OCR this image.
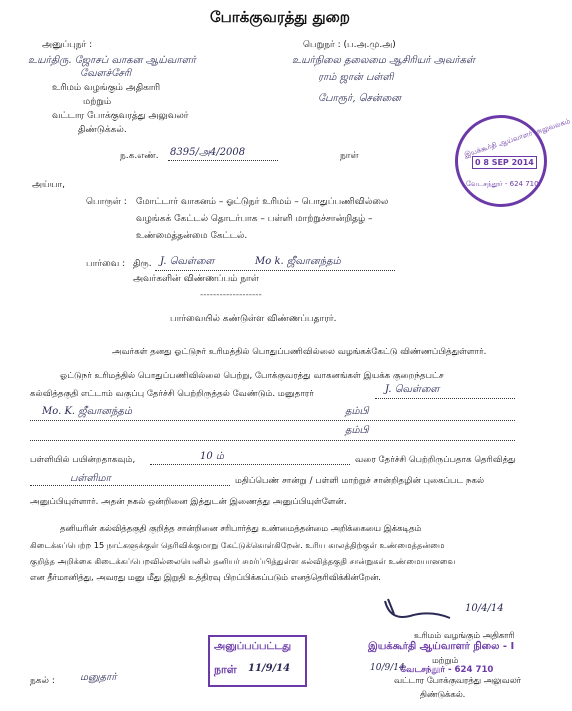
போக்குவரத்து துறை
அனுப்புநர் :
உயர்திரு. ஜோசப் வாகன ஆய்வாளர்
வேளச்சேரி
உரிமம் வழங்கும் அதிகாரி
மற்றும்
வட்டார போக்குவரத்து அலுவலர்
திண்டுக்கல்.
பெறுநர் : (ப.அ.மு.அ)
உயர்நிலை தலைமை ஆசிரியர் அவர்கள்
ராம் ஜான் பள்ளி
போரூர், சென்னை
இயக்கூர்தி ஆய்வாளர் அலுவலகம்
0 8 SEP 2014
வேடசந்தூர் - 624 710.
ந.க.எண். 8395/அ4/2008	நாள்
அய்யா,
பொருள் : மோட்டார் வாகனம் – ஓட்டுநர் உரிமம் – பொதுப்பணிவில்லை
வழங்கக் கேட்டல் தொடர்பாக – பள்ளி மாற்றுச்சான்றிதழ் –
உண்மைத்தன்மை கேட்டல்.
பார்வை : திரு. J. வெள்ளை	Mo k. ஜீவானந்தம்
அவர்களின் விண்ணப்பம் நாள்
-------------------
பார்வையில் கண்டுள்ள விண்ணப்பதாரர்.
அவர்கள் தனது ஓட்டுநர் உரிமத்தில் பொதுப்பணிவில்லை வழங்கக்கேட்டு விண்ணப்பித்துள்ளார்.
ஓட்டுநர் உரிமத்தில் பொதுப்பணிவில்லை பெற்று, போக்குவரத்து வாகனங்கள் இயக்க குறைந்தபட்ச
கல்வித்தகுதி எட்டாம் வகுப்பு தேர்ச்சி பெற்றிருத்தல் வேண்டும். மனுதாரர்	J. வெள்ளை
Mo. K. ஜீவானந்தம்	தம்பி
தம்பி
பள்ளியில் பயின்றதாகவும்,	10 ம்	வரை தேர்ச்சி பெற்றிருப்பதாக தெரிவித்து
பள்ளிமா	மதிப்பெண் சான்று / பள்ளி மாற்றுச் சான்றிதழின் புகைப்பட நகல்
அனுப்பியுள்ளார். அதன் நகல் ஒன்றினை இத்துடன் இணைத்து அனுப்பியுள்ளேன்.
தனியரின் கல்வித்தகுதி குறித்த சான்றினை சரிபார்த்து உண்மைத்தன்மை அறிக்கையை இக்கடிதம்
கிடைக்கப்பெற்ற 15 நாட்களுக்குள் தெரிவிக்குமாறு கேட்டுக்கொள்கிறேன். உரிய காலத்திற்குள் உண்மைத்தன்மை
குறித்த அறிக்கை கிடைக்கப்பெறவில்லையெனில் தனியர் சமர்ப்பித்துள்ள கல்வித்தகுதி சான்றுகள் உண்மையானவை
என தீர்மானித்து, அவரது மனு மீது இறுதி உத்திரவு பிறப்பிக்கப்படும் எனத்தெரிவிக்கின்றேன்.
10/4/14
உரிமம் வழங்கும் அதிகாரி
இயக்கூர்தி ஆய்வாளர் நிலை - I
மற்றும்
வேடசந்தூர் - 624 710
வட்டார போக்குவரத்து அலுவலர்
திண்டுக்கல்.
10/9/14
அனுப்பப்பட்டது
நாள் 11/9/14
நகல் :	மனுதார்
